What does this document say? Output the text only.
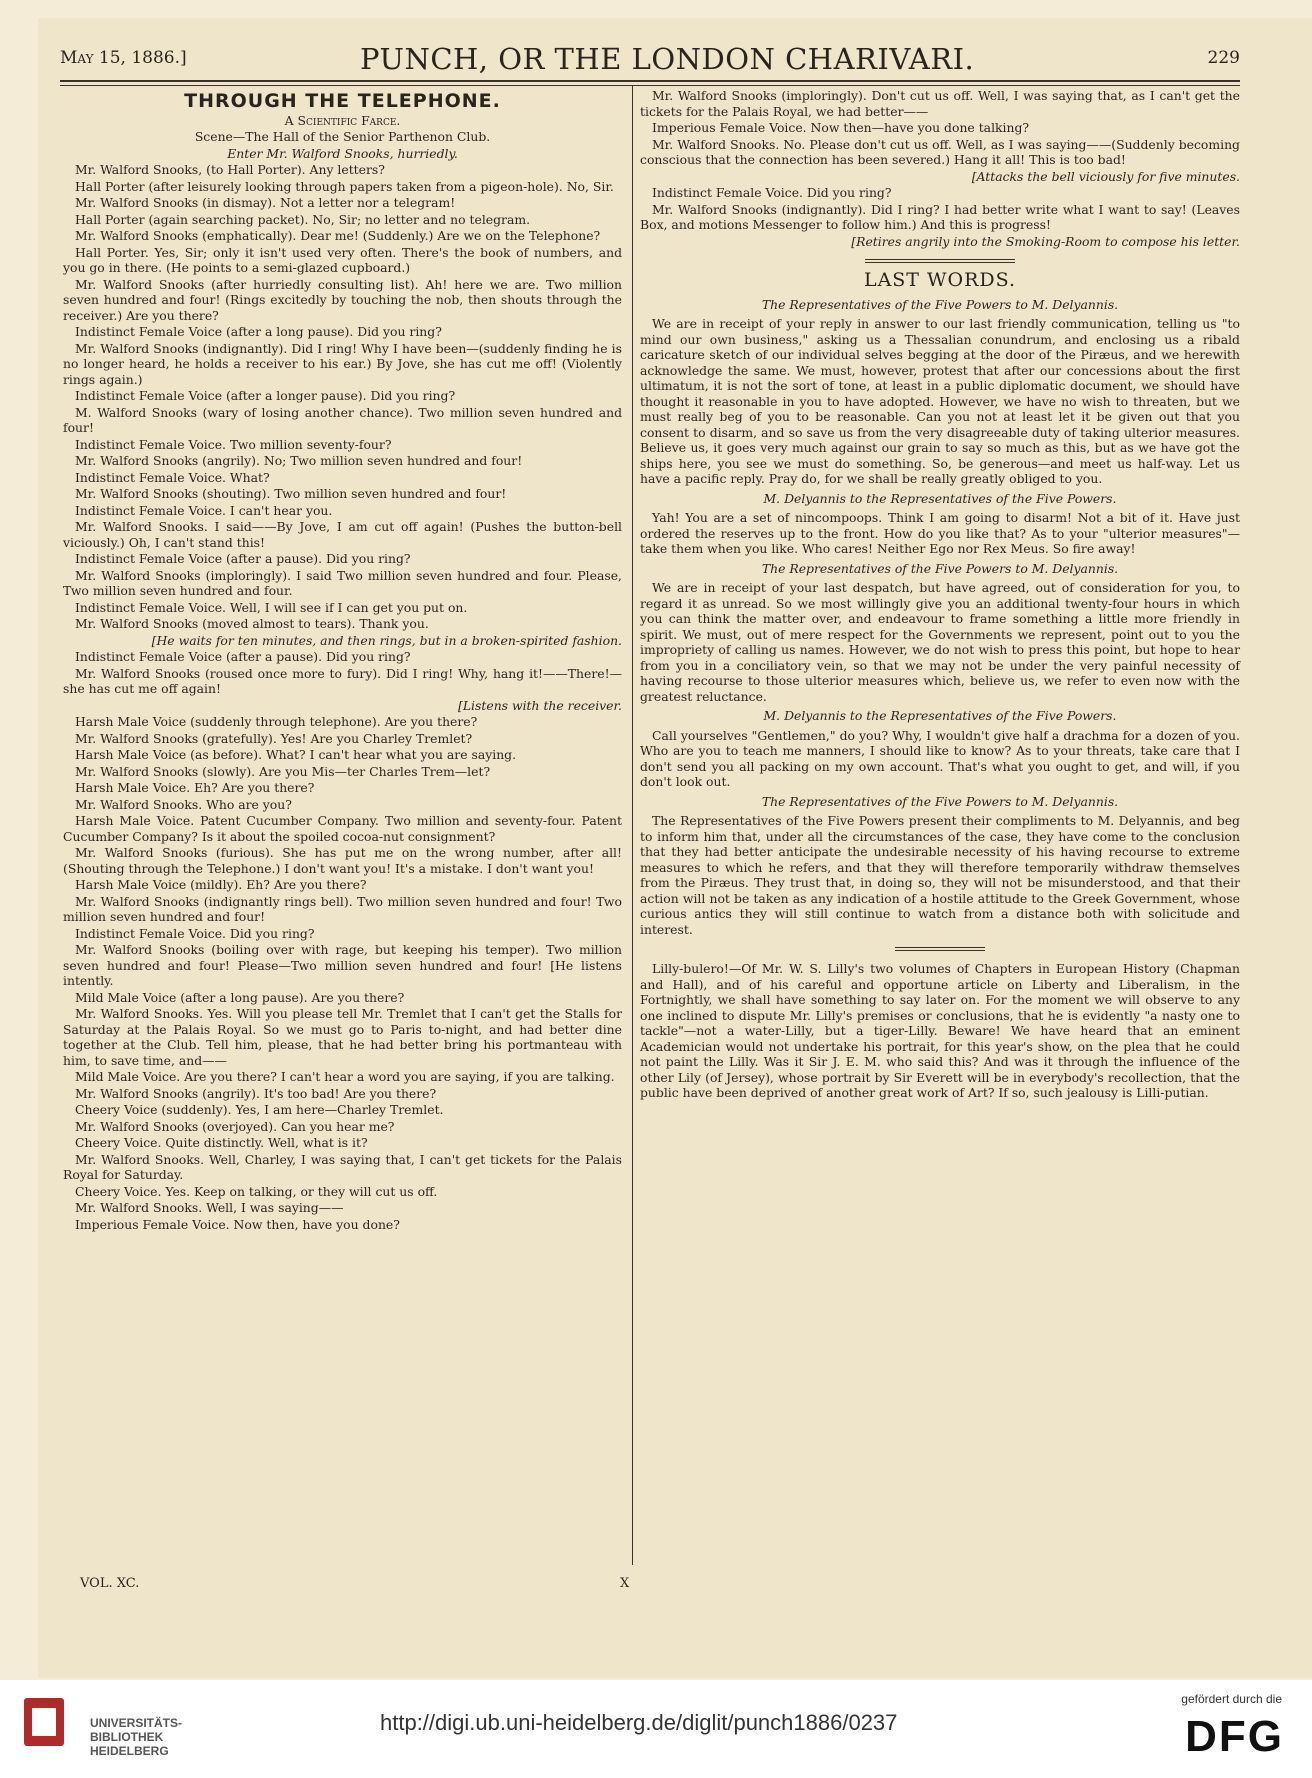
May 15, 1886.]	PUNCH, OR THE LONDON CHARIVARI.	229
THROUGH THE TELEPHONE.
A Scientific Farce.
Scene—The Hall of the Senior Parthenon Club.
Enter Mr. Walford Snooks, hurriedly.

Mr. Walford Snooks, (to Hall Porter). Any letters?

Hall Porter (after leisurely looking through papers taken from a pigeon-hole). No, Sir.

Mr. Walford Snooks (in dismay). Not a letter nor a telegram!

Hall Porter (again searching packet). No, Sir; no letter and no telegram.

Mr. Walford Snooks (emphatically). Dear me! (Suddenly.) Are we on the Telephone?

Hall Porter. Yes, Sir; only it isn't used very often. There's the book of numbers, and you go in there. (He points to a semi-glazed cupboard.)

Mr. Walford Snooks (after hurriedly consulting list). Ah! here we are. Two million seven hundred and four! (Rings excitedly by touching the nob, then shouts through the receiver.) Are you there?

Indistinct Female Voice (after a long pause). Did you ring?

Mr. Walford Snooks (indignantly). Did I ring! Why I have been—(suddenly finding he is no longer heard, he holds a receiver to his ear.) By Jove, she has cut me off! (Violently rings again.)

Indistinct Female Voice (after a longer pause). Did you ring?

M. Walford Snooks (wary of losing another chance). Two million seven hundred and four!

Indistinct Female Voice. Two million seventy-four?

Mr. Walford Snooks (angrily). No; Two million seven hundred and four!

Indistinct Female Voice. What?

Mr. Walford Snooks (shouting). Two million seven hundred and four!

Indistinct Female Voice. I can't hear you.

Mr. Walford Snooks. I said——By Jove, I am cut off again! (Pushes the button-bell viciously.) Oh, I can't stand this!

Indistinct Female Voice (after a pause). Did you ring?

Mr. Walford Snooks (imploringly). I said Two million seven hundred and four. Please, Two million seven hundred and four.

Indistinct Female Voice. Well, I will see if I can get you put on.

Mr. Walford Snooks (moved almost to tears). Thank you.

[He waits for ten minutes, and then rings, but in a broken-spirited fashion.

Indistinct Female Voice (after a pause). Did you ring?

Mr. Walford Snooks (roused once more to fury). Did I ring! Why, hang it!——There!—she has cut me off again!

[Listens with the receiver.

Harsh Male Voice (suddenly through telephone). Are you there?

Mr. Walford Snooks (gratefully). Yes! Are you Charley Tremlet?

Harsh Male Voice (as before). What? I can't hear what you are saying.

Mr. Walford Snooks (slowly). Are you Mis—ter Charles Trem—let?

Harsh Male Voice. Eh? Are you there?

Mr. Walford Snooks. Who are you?

Harsh Male Voice. Patent Cucumber Company. Two million and seventy-four. Patent Cucumber Company? Is it about the spoiled cocoa-nut consignment?

Mr. Walford Snooks (furious). She has put me on the wrong number, after all! (Shouting through the Telephone.) I don't want you! It's a mistake. I don't want you!

Harsh Male Voice (mildly). Eh? Are you there?

Mr. Walford Snooks (indignantly rings bell). Two million seven hundred and four! Two million seven hundred and four!

Indistinct Female Voice. Did you ring?

Mr. Walford Snooks (boiling over with rage, but keeping his temper). Two million seven hundred and four! Please—Two million seven hundred and four! [He listens intently.

Mild Male Voice (after a long pause). Are you there?

Mr. Walford Snooks. Yes. Will you please tell Mr. Tremlet that I can't get the Stalls for Saturday at the Palais Royal. So we must go to Paris to-night, and had better dine together at the Club. Tell him, please, that he had better bring his portmanteau with him, to save time, and——

Mild Male Voice. Are you there? I can't hear a word you are saying, if you are talking.

Mr. Walford Snooks (angrily). It's too bad! Are you there?

Cheery Voice (suddenly). Yes, I am here—Charley Tremlet.

Mr. Walford Snooks (overjoyed). Can you hear me?

Cheery Voice. Quite distinctly. Well, what is it?

Mr. Walford Snooks. Well, Charley, I was saying that, I can't get tickets for the Palais Royal for Saturday.

Cheery Voice. Yes. Keep on talking, or they will cut us off.

Mr. Walford Snooks. Well, I was saying——

Imperious Female Voice. Now then, have you done?

Mr. Walford Snooks (imploringly). Don't cut us off. Well, I was saying that, as I can't get the tickets for the Palais Royal, we had better——

Imperious Female Voice. Now then—have you done talking?

Mr. Walford Snooks. No. Please don't cut us off. Well, as I was saying——(Suddenly becoming conscious that the connection has been severed.) Hang it all! This is too bad!

[Attacks the bell viciously for five minutes.

Indistinct Female Voice. Did you ring?

Mr. Walford Snooks (indignantly). Did I ring? I had better write what I want to say! (Leaves Box, and motions Messenger to follow him.) And this is progress!

[Retires angrily into the Smoking-Room to compose his letter.

LAST WORDS.
The Representatives of the Five Powers to M. Delyannis.

We are in receipt of your reply in answer to our last friendly communication, telling us "to mind our own business," asking us a Thessalian conundrum, and enclosing us a ribald caricature sketch of our individual selves begging at the door of the Piræus, and we herewith acknowledge the same. We must, however, protest that after our concessions about the first ultimatum, it is not the sort of tone, at least in a public diplomatic document, we should have thought it reasonable in you to have adopted. However, we have no wish to threaten, but we must really beg of you to be reasonable. Can you not at least let it be given out that you consent to disarm, and so save us from the very disagreeable duty of taking ulterior measures. Believe us, it goes very much against our grain to say so much as this, but as we have got the ships here, you see we must do something. So, be generous—and meet us half-way. Let us have a pacific reply. Pray do, for we shall be really greatly obliged to you.

M. Delyannis to the Representatives of the Five Powers.

Yah! You are a set of nincompoops. Think I am going to disarm! Not a bit of it. Have just ordered the reserves up to the front. How do you like that? As to your "ulterior measures"—take them when you like. Who cares! Neither Ego nor Rex Meus. So fire away!

The Representatives of the Five Powers to M. Delyannis.

We are in receipt of your last despatch, but have agreed, out of consideration for you, to regard it as unread. So we most willingly give you an additional twenty-four hours in which you can think the matter over, and endeavour to frame something a little more friendly in spirit. We must, out of mere respect for the Governments we represent, point out to you the impropriety of calling us names. However, we do not wish to press this point, but hope to hear from you in a conciliatory vein, so that we may not be under the very painful necessity of having recourse to those ulterior measures which, believe us, we refer to even now with the greatest reluctance.

M. Delyannis to the Representatives of the Five Powers.

Call yourselves "Gentlemen," do you? Why, I wouldn't give half a drachma for a dozen of you. Who are you to teach me manners, I should like to know? As to your threats, take care that I don't send you all packing on my own account. That's what you ought to get, and will, if you don't look out.

The Representatives of the Five Powers to M. Delyannis.

The Representatives of the Five Powers present their compliments to M. Delyannis, and beg to inform him that, under all the circumstances of the case, they have come to the conclusion that they had better anticipate the undesirable necessity of his having recourse to extreme measures to which he refers, and that they will therefore temporarily withdraw themselves from the Piræus. They trust that, in doing so, they will not be misunderstood, and that their action will not be taken as any indication of a hostile attitude to the Greek Government, whose curious antics they will still continue to watch from a distance both with solicitude and interest.

Lilly-bulero!—Of Mr. W. S. Lilly's two volumes of Chapters in European History (Chapman and Hall), and of his careful and opportune article on Liberty and Liberalism, in the Fortnightly, we shall have something to say later on. For the moment we will observe to any one inclined to dispute Mr. Lilly's premises or conclusions, that he is evidently "a nasty one to tackle"—not a water-Lilly, but a tiger-Lilly. Beware! We have heard that an eminent Academician would not undertake his portrait, for this year's show, on the plea that he could not paint the Lilly. Was it Sir J. E. M. who said this? And was it through the influence of the other Lily (of Jersey), whose portrait by Sir Everett will be in everybody's recollection, that the public have been deprived of another great work of Art? If so, such jealousy is Lilli-putian.

VOL. XC.	X
UNIVERSITÄTS-
BIBLIOTHEK
HEIDELBERG
http://digi.ub.uni-heidelberg.de/diglit/punch1886/0237
gefördert durch die
DFG
